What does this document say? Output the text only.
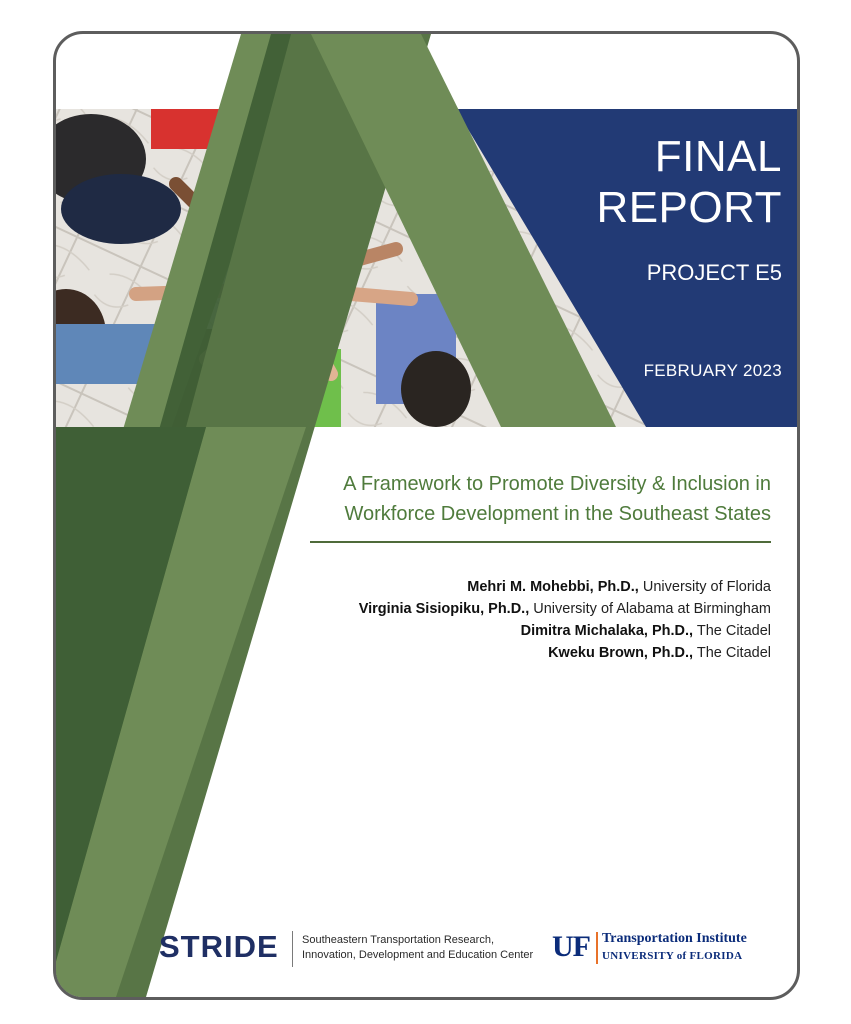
FINAL
REPORT
PROJECT E5
FEBRUARY 2023
A Framework to Promote Diversity & Inclusion in
Workforce Development in the Southeast States
Mehri M. Mohebbi, Ph.D., University of Florida
Virginia Sisiopiku, Ph.D., University of Alabama at Birmingham
Dimitra Michalaka, Ph.D., The Citadel
Kweku Brown, Ph.D., The Citadel
STRIDE Southeastern Transportation Research,
Innovation, Development and Education Center UF Transportation Institute
UNIVERSITY of FLORIDA
